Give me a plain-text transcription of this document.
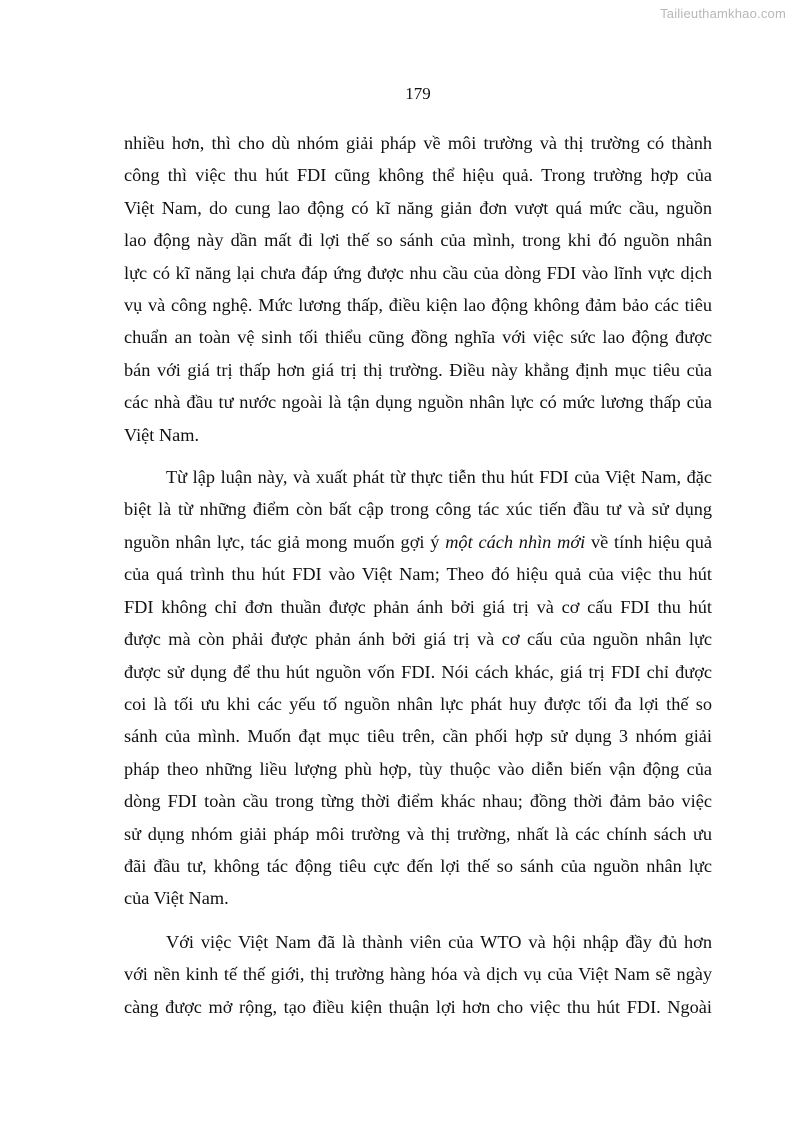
Tailieuthamkhao.com
179

nhiều hơn, thì cho dù nhóm giải pháp về môi trường và thị trường có thành
công thì việc thu hút FDI cũng không thể hiệu quả. Trong trường hợp của
Việt Nam, do cung lao động có kĩ năng giản đơn vượt quá mức cầu, nguồn
lao động này dần mất đi lợi thế so sánh của mình, trong khi đó nguồn nhân
lực có kĩ năng lại chưa đáp ứng được nhu cầu của dòng FDI vào lĩnh vực dịch
vụ và công nghệ. Mức lương thấp, điều kiện lao động không đảm bảo các tiêu
chuẩn an toàn vệ sinh tối thiểu cũng đồng nghĩa với việc sức lao động được
bán với giá trị thấp hơn giá trị thị trường. Điều này khẳng định mục tiêu của
các nhà đầu tư nước ngoài là tận dụng nguồn nhân lực có mức lương thấp của
Việt Nam.

Từ lập luận này, và xuất phát từ thực tiễn thu hút FDI của Việt Nam, đặc
biệt là từ những điểm còn bất cập trong công tác xúc tiến đầu tư và sử dụng
nguồn nhân lực, tác giả mong muốn gợi ý một cách nhìn mới về tính hiệu quả
của quá trình thu hút FDI vào Việt Nam; Theo đó hiệu quả của việc thu hút
FDI không chỉ đơn thuần được phản ánh bởi giá trị và cơ cấu FDI thu hút
được mà còn phải được phản ánh bởi giá trị và cơ cấu của nguồn nhân lực
được sử dụng để thu hút nguồn vốn FDI. Nói cách khác, giá trị FDI chỉ được
coi là tối ưu khi các yếu tố nguồn nhân lực phát huy được tối đa lợi thế so
sánh của mình. Muốn đạt mục tiêu trên, cần phối hợp sử dụng 3 nhóm giải
pháp theo những liều lượng phù hợp, tùy thuộc vào diễn biến vận động của
dòng FDI toàn cầu trong từng thời điểm khác nhau; đồng thời đảm bảo việc
sử dụng nhóm giải pháp môi trường và thị trường, nhất là các chính sách ưu
đãi đầu tư, không tác động tiêu cực đến lợi thế so sánh của nguồn nhân lực
của Việt Nam.

Với việc Việt Nam đã là thành viên của WTO và hội nhập đầy đủ hơn
với nền kinh tế thế giới, thị trường hàng hóa và dịch vụ của Việt Nam sẽ ngày
càng được mở rộng, tạo điều kiện thuận lợi hơn cho việc thu hút FDI. Ngoài
